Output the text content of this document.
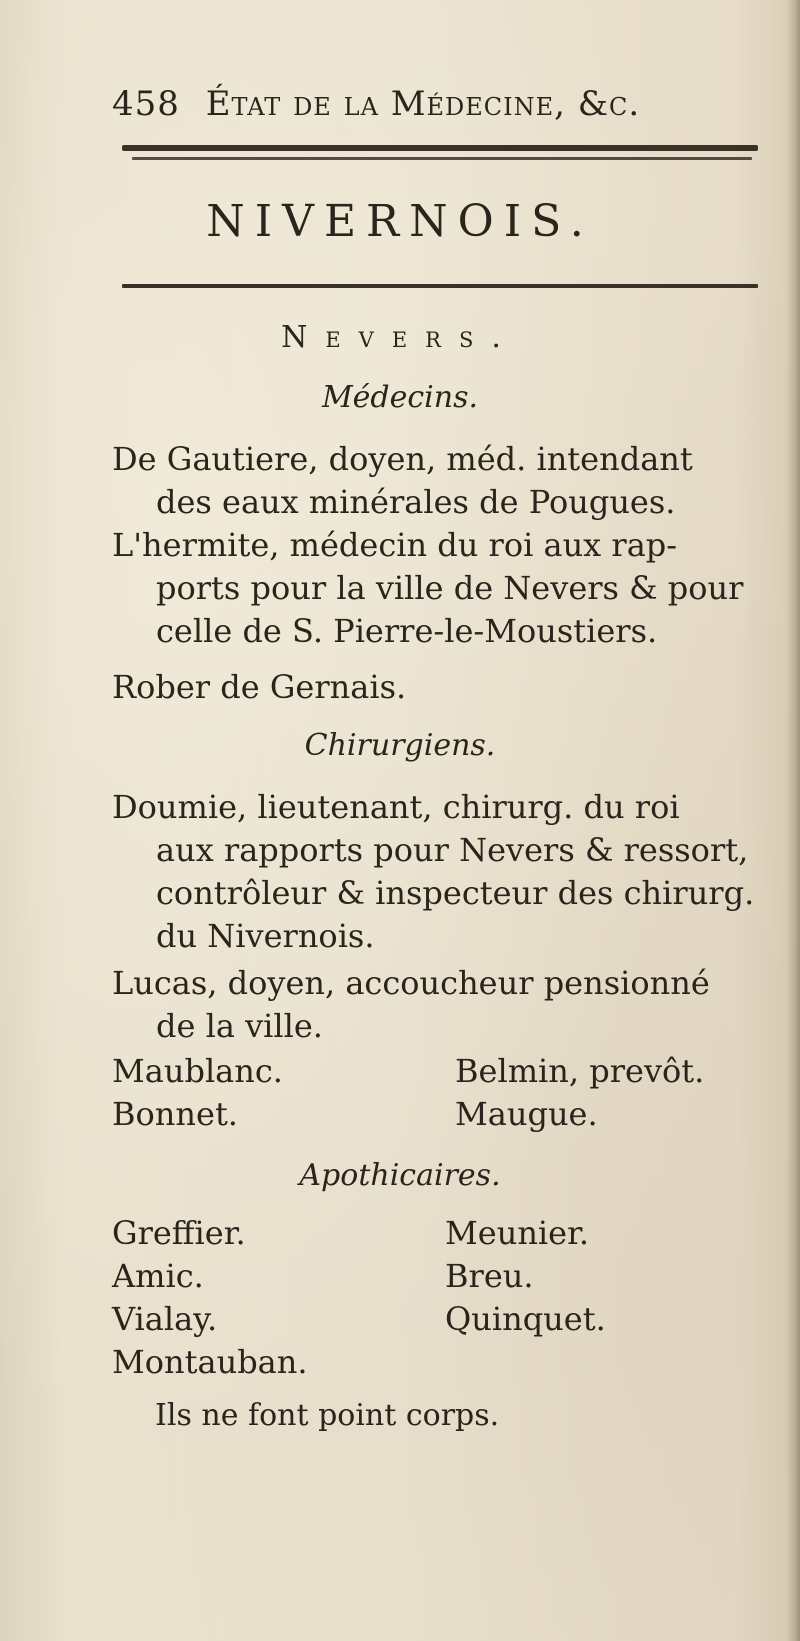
458 État de la Médecine, &c.
NIVERNOIS.
Nevers.
Médecins.
De Gautiere, doyen, méd. intendant
des eaux minérales de Pougues.
L'hermite, médecin du roi aux rap-
ports pour la ville de Nevers & pour
celle de S. Pierre-le-Moustiers.
Rober de Gernais.
Chirurgiens.
Doumie, lieutenant, chirurg. du roi
aux rapports pour Nevers & ressort,
contrôleur & inspecteur des chirurg.
du Nivernois.
Lucas, doyen, accoucheur pensionné
de la ville.
Maublanc.
Bonnet.
Belmin, prevôt.
Maugue.
Apothicaires.
Greffier.
Amic.
Vialay.
Montauban.
Meunier.
Breu.
Quinquet.
Ils ne font point corps.
